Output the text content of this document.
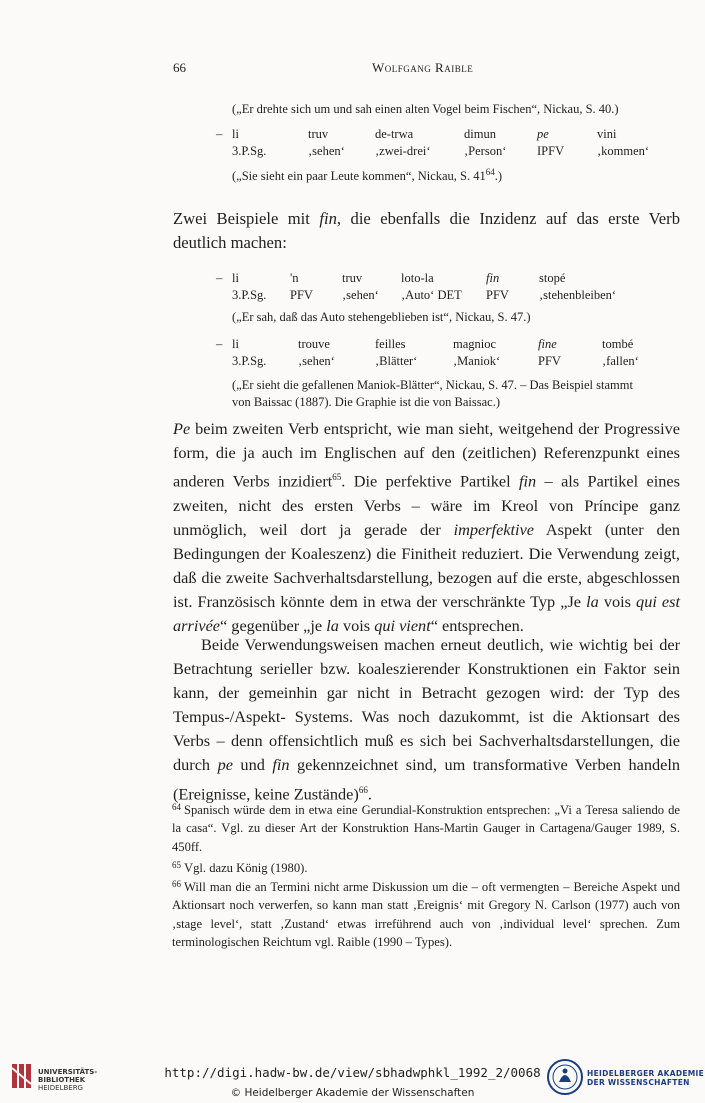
66	Wolfgang Raible
(„Er drehte sich um und sah einen alten Vogel beim Fischen“, Nickau, S. 40.)
– li	truv	de-trwa	dimun	pe	vini
3.P.Sg.	‚sehen‘	‚zwei-drei‘	‚Person‘	IPFV	‚kommen‘
(„Sie sieht ein paar Leute kommen“, Nickau, S. $41^{64}$.)
Zwei Beispiele mit fin, die ebenfalls die Inzidenz auf das erste Verb
deutlich machen:
– li	'n	truv	loto-la	fin	stopé
3.P.Sg.	PFV	‚sehen‘	‚Auto‘ DET	PFV	‚stehenbleiben‘
(„Er sah, daß das Auto stehengeblieben ist“, Nickau, S. 47.)
– li	trouve	feilles	magnioc	fine	tombé
3.P.Sg.	‚sehen‘	‚Blätter‘	‚Maniok‘	PFV	‚fallen‘
(„Er sieht die gefallenen Maniok-Blätter“, Nickau, S. 47. – Das Beispiel stammt
von Baissac (1887). Die Graphie ist die von Baissac.)
Pe beim zweiten Verb entspricht, wie man sieht, weitgehend der Progressive form, die ja auch im Englischen auf den (zeitlichen) Referenzpunkt eines anderen Verbs inzidiert$^{65}$. Die perfektive Partikel fin – als Partikel eines zweiten, nicht des ersten Verbs – wäre im Kreol von Príncipe ganz unmöglich, weil dort ja gerade der imperfektive Aspekt (unter den Bedingungen der Koaleszenz) die Finitheit reduziert. Die Verwendung zeigt, daß die zweite Sachverhaltsdarstellung, bezogen auf die erste, abgeschlossen ist. Französisch könnte dem in etwa der verschränkte Typ „Je la vois qui est arrivée“ gegenüber „je la vois qui vient“ entsprechen.
Beide Verwendungsweisen machen erneut deutlich, wie wichtig bei der Betrachtung serieller bzw. koaleszierender Konstruktionen ein Faktor sein kann, der gemeinhin gar nicht in Betracht gezogen wird: der Typ des Tempus-/Aspekt- Systems. Was noch dazukommt, ist die Aktionsart des Verbs – denn offensichtlich muß es sich bei Sachverhaltsdarstellungen, die durch pe und fin gekennzeichnet sind, um transformative Verben handeln (Ereignisse, keine Zustände)$^{66}$.
64 Spanisch würde dem in etwa eine Gerundial-Konstruktion entsprechen: „Vi a Teresa saliendo de la casa“. Vgl. zu dieser Art der Konstruktion Hans-Martin Gauger in Cartagena/Gauger 1989, S. 450ff.
65 Vgl. dazu König (1980).
66 Will man die an Termini nicht arme Diskussion um die – oft vermengten – Bereiche Aspekt und Aktionsart noch verwerfen, so kann man statt ‚Ereignis‘ mit Gregory N. Carlson (1977) auch von ‚stage level‘, statt ‚Zustand‘ etwas irreführend auch von ‚individual level‘ sprechen. Zum terminologischen Reichtum vgl. Raible (1990 – Types).
UNIVERSITÄTS-
BIBLIOTHEK
HEIDELBERG
http://digi.hadw-bw.de/view/sbhadwphkl_1992_2/0068
© Heidelberger Akademie der Wissenschaften
HEIDELBERGER AKADEMIE
DER WISSENSCHAFTEN
